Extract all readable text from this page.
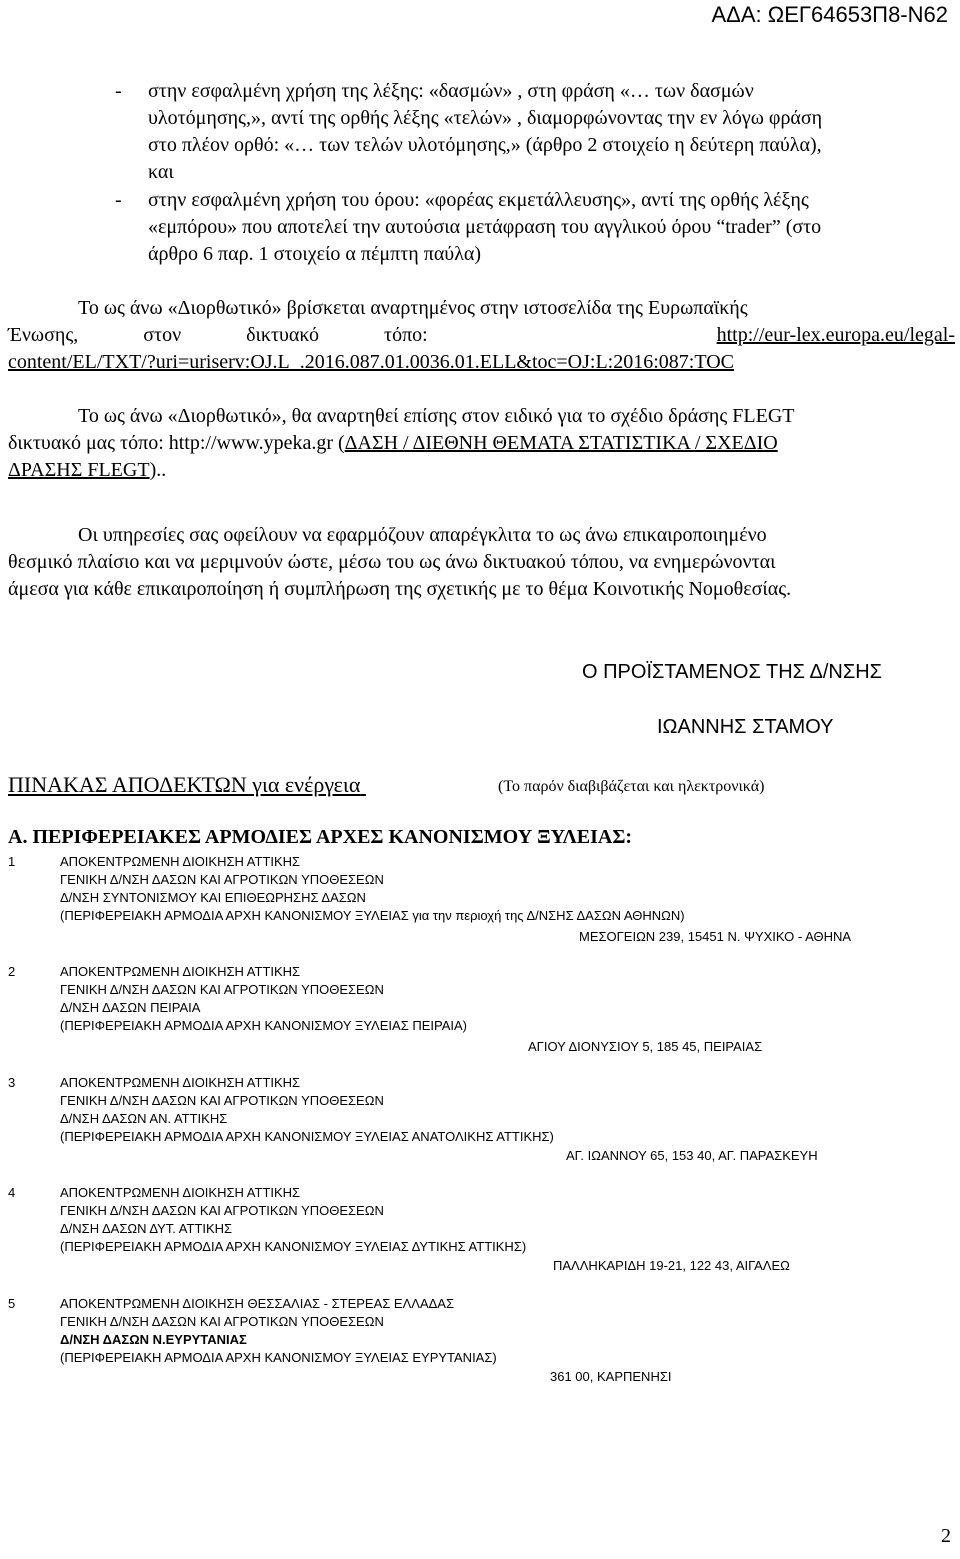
ΑΔΑ: ΩΕΓ64653Π8-Ν62
- στην εσφαλμένη χρήση της λέξης: «δασμών» , στη φράση «… των δασμών
υλοτόμησης,», αντί της ορθής λέξης «τελών» , διαμορφώνοντας την εν λόγω φράση
στο πλέον ορθό: «… των τελών υλοτόμησης,» (άρθρο 2 στοιχείο η δεύτερη παύλα),
και
- στην εσφαλμένη χρήση του όρου: «φορέας εκμετάλλευσης», αντί της ορθής λέξης
«εμπόρου» που αποτελεί την αυτούσια μετάφραση του αγγλικού όρου “trader” (στο
άρθρο 6 παρ. 1 στοιχείο α πέμπτη παύλα)
Το ως άνω «Διορθωτικό» βρίσκεται αναρτημένος στην ιστοσελίδα της Ευρωπαϊκής
Ένωσης, στον δικτυακό τόπο:	http://eur-lex.europa.eu/legal-
content/EL/TXT/?uri=uriserv:OJ.L_.2016.087.01.0036.01.ELL&toc=OJ:L:2016:087:TOC
Το ως άνω «Διορθωτικό», θα αναρτηθεί επίσης στον ειδικό για το σχέδιο δράσης FLEGT
δικτυακό μας τόπο: http://www.ypeka.gr (ΔΑΣΗ / ΔΙΕΘΝΗ ΘΕΜΑΤΑ ΣΤΑΤΙΣΤΙΚΑ / ΣΧΕΔΙΟ
ΔΡΑΣΗΣ FLEGT)..
Οι υπηρεσίες σας οφείλουν να εφαρμόζουν απαρέγκλιτα το ως άνω επικαιροποιημένο
θεσμικό πλαίσιο και να μεριμνούν ώστε, μέσω του ως άνω δικτυακού τόπου, να ενημερώνονται
άμεσα για κάθε επικαιροποίηση ή συμπλήρωση της σχετικής με το θέμα Κοινοτικής Νομοθεσίας.
Ο ΠΡΟΪΣΤΑΜΕΝΟΣ ΤΗΣ Δ/ΝΣΗΣ
ΙΩΑΝΝΗΣ ΣΤΑΜΟΥ
ΠΙΝΑΚΑΣ ΑΠΟΔΕΚΤΩΝ για ενέργεια	(Το παρόν διαβιβάζεται και ηλεκτρονικά)
Α. ΠΕΡΙΦΕΡΕΙΑΚΕΣ ΑΡΜΟΔΙΕΣ ΑΡΧΕΣ ΚΑΝΟΝΙΣΜΟΥ ΞΥΛΕΙΑΣ:
1	ΑΠΟΚΕΝΤΡΩΜΕΝΗ ΔΙΟΙΚΗΣΗ ΑΤΤΙΚΗΣ
ΓΕΝΙΚΗ Δ/ΝΣΗ ΔΑΣΩΝ ΚΑΙ ΑΓΡΟΤΙΚΩΝ ΥΠΟΘΕΣΕΩΝ
Δ/ΝΣΗ ΣΥΝΤΟΝΙΣΜΟΥ ΚΑΙ ΕΠΙΘΕΩΡΗΣΗΣ ΔΑΣΩΝ
(ΠΕΡΙΦΕΡΕΙΑΚΗ ΑΡΜΟΔΙΑ ΑΡΧΗ ΚΑΝΟΝΙΣΜΟΥ ΞΥΛΕΙΑΣ για την περιοχή της Δ/ΝΣΗΣ ΔΑΣΩΝ ΑΘΗΝΩΝ)
ΜΕΣΟΓΕΙΩΝ 239, 15451 Ν. ΨΥΧΙΚΟ - ΑΘΗΝΑ
2	ΑΠΟΚΕΝΤΡΩΜΕΝΗ ΔΙΟΙΚΗΣΗ ΑΤΤΙΚΗΣ
ΓΕΝΙΚΗ Δ/ΝΣΗ ΔΑΣΩΝ ΚΑΙ ΑΓΡΟΤΙΚΩΝ ΥΠΟΘΕΣΕΩΝ
Δ/ΝΣΗ ΔΑΣΩΝ ΠΕΙΡΑΙΑ
(ΠΕΡΙΦΕΡΕΙΑΚΗ ΑΡΜΟΔΙΑ ΑΡΧΗ ΚΑΝΟΝΙΣΜΟΥ ΞΥΛΕΙΑΣ ΠΕΙΡΑΙΑ)
ΑΓΙΟΥ ΔΙΟΝΥΣΙΟΥ 5, 185 45, ΠΕΙΡΑΙΑΣ
3	ΑΠΟΚΕΝΤΡΩΜΕΝΗ ΔΙΟΙΚΗΣΗ ΑΤΤΙΚΗΣ
ΓΕΝΙΚΗ Δ/ΝΣΗ ΔΑΣΩΝ ΚΑΙ ΑΓΡΟΤΙΚΩΝ ΥΠΟΘΕΣΕΩΝ
Δ/ΝΣΗ ΔΑΣΩΝ ΑΝ. ΑΤΤΙΚΗΣ
(ΠΕΡΙΦΕΡΕΙΑΚΗ ΑΡΜΟΔΙΑ ΑΡΧΗ ΚΑΝΟΝΙΣΜΟΥ ΞΥΛΕΙΑΣ ΑΝΑΤΟΛΙΚΗΣ ΑΤΤΙΚΗΣ)
ΑΓ. ΙΩΑΝΝΟΥ 65, 153 40, ΑΓ. ΠΑΡΑΣΚΕΥΗ
4	ΑΠΟΚΕΝΤΡΩΜΕΝΗ ΔΙΟΙΚΗΣΗ ΑΤΤΙΚΗΣ
ΓΕΝΙΚΗ Δ/ΝΣΗ ΔΑΣΩΝ ΚΑΙ ΑΓΡΟΤΙΚΩΝ ΥΠΟΘΕΣΕΩΝ
Δ/ΝΣΗ ΔΑΣΩΝ ΔΥΤ. ΑΤΤΙΚΗΣ
(ΠΕΡΙΦΕΡΕΙΑΚΗ ΑΡΜΟΔΙΑ ΑΡΧΗ ΚΑΝΟΝΙΣΜΟΥ ΞΥΛΕΙΑΣ ΔΥΤΙΚΗΣ ΑΤΤΙΚΗΣ)
ΠΑΛΛΗΚΑΡΙΔΗ 19-21, 122 43, ΑΙΓΑΛΕΩ
5	ΑΠΟΚΕΝΤΡΩΜΕΝΗ ΔΙΟΙΚΗΣΗ ΘΕΣΣΑΛΙΑΣ - ΣΤΕΡΕΑΣ ΕΛΛΑΔΑΣ
ΓΕΝΙΚΗ Δ/ΝΣΗ ΔΑΣΩΝ ΚΑΙ ΑΓΡΟΤΙΚΩΝ ΥΠΟΘΕΣΕΩΝ
Δ/ΝΣΗ ΔΑΣΩΝ Ν.ΕΥΡΥΤΑΝΙΑΣ
(ΠΕΡΙΦΕΡΕΙΑΚΗ ΑΡΜΟΔΙΑ ΑΡΧΗ ΚΑΝΟΝΙΣΜΟΥ ΞΥΛΕΙΑΣ ΕΥΡΥΤΑΝΙΑΣ)
361 00, ΚΑΡΠΕΝΗΣΙ
2
